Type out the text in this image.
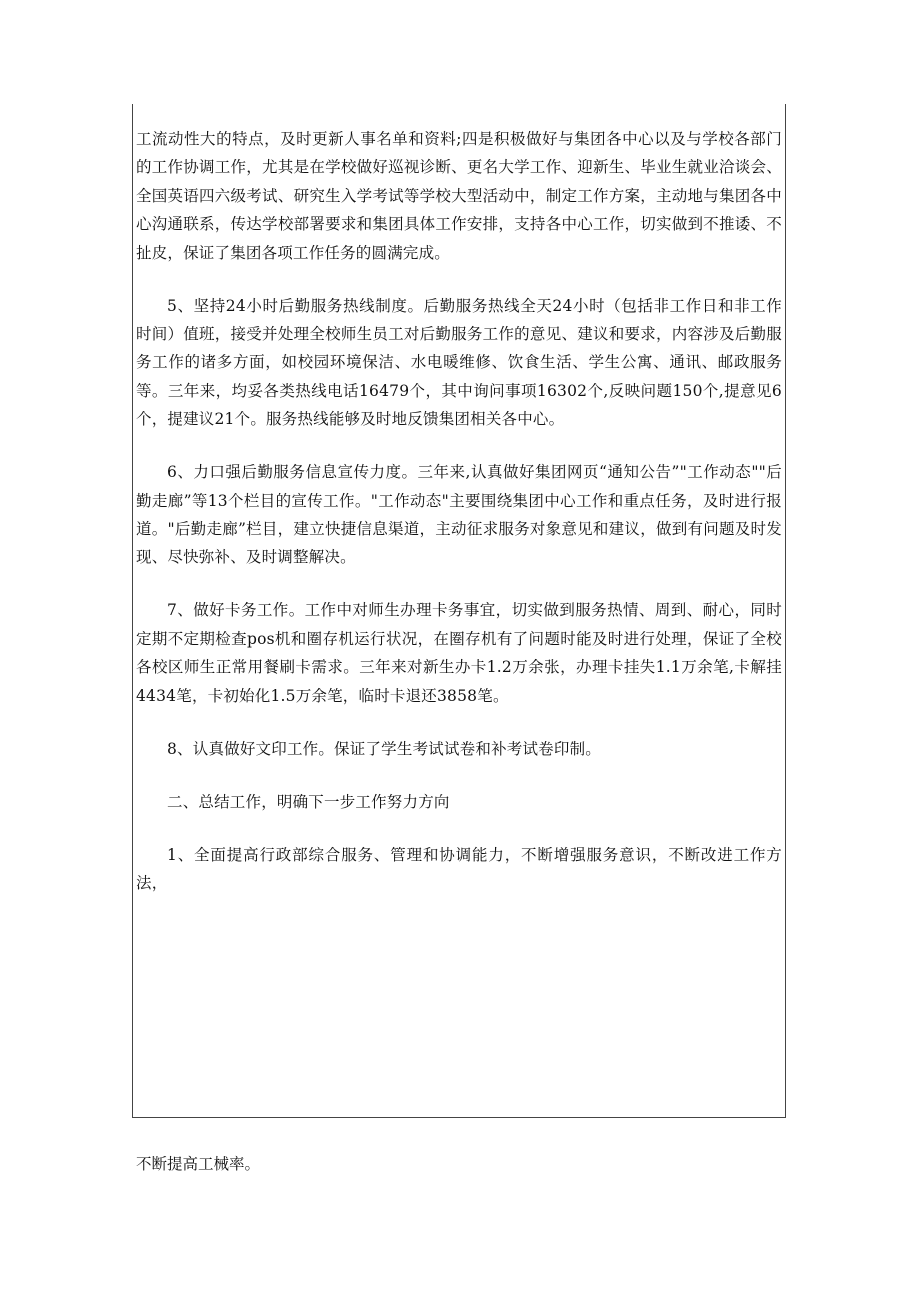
工流动性大的特点，及时更新人事名单和资料;四是积极做好与集团各中心以及与学校各部门的工作协调工作，尤其是在学校做好巡视诊断、更名大学工作、迎新生、毕业生就业洽谈会、全国英语四六级考试、研究生入学考试等学校大型活动中，制定工作方案，主动地与集团各中心沟通联系，传达学校部署要求和集团具体工作安排，支持各中心工作，切实做到不推诿、不扯皮，保证了集团各项工作任务的圆满完成。

5、坚持24小时后勤服务热线制度。后勤服务热线全天24小时（包括非工作日和非工作时间）值班，接受并处理全校师生员工对后勤服务工作的意见、建议和要求，内容涉及后勤服务工作的诸多方面，如校园环境保洁、水电暖维修、饮食生活、学生公寓、通讯、邮政服务等。三年来，均妥各类热线电话16479个，其中询问事项16302个,反映问题150个,提意见6个，提建议21个。服务热线能够及时地反馈集团相关各中心。

6、力口强后勤服务信息宣传力度。三年来,认真做好集团网页“通知公告”"工作动态""后勤走廊”等13个栏目的宣传工作。"工作动态"主要围绕集团中心工作和重点任务，及时进行报道。"后勤走廊”栏目，建立快捷信息渠道，主动征求服务对象意见和建议，做到有问题及时发现、尽快弥补、及时调整解决。

7、做好卡务工作。工作中对师生办理卡务事宜，切实做到服务热情、周到、耐心，同时定期不定期检查pos机和圈存机运行状况，在圈存机有了问题时能及时进行处理，保证了全校各校区师生正常用餐刷卡需求。三年来对新生办卡1.2万余张，办理卡挂失1.1万余笔,卡解挂4434笔，卡初始化1.5万余笔，临时卡退还3858笔。

8、认真做好文印工作。保证了学生考试试卷和补考试卷印制。

二、总结工作，明确下一步工作努力方向

1、全面提高行政部综合服务、管理和协调能力，不断增强服务意识，不断改进工作方法，

不断提高工械率。
